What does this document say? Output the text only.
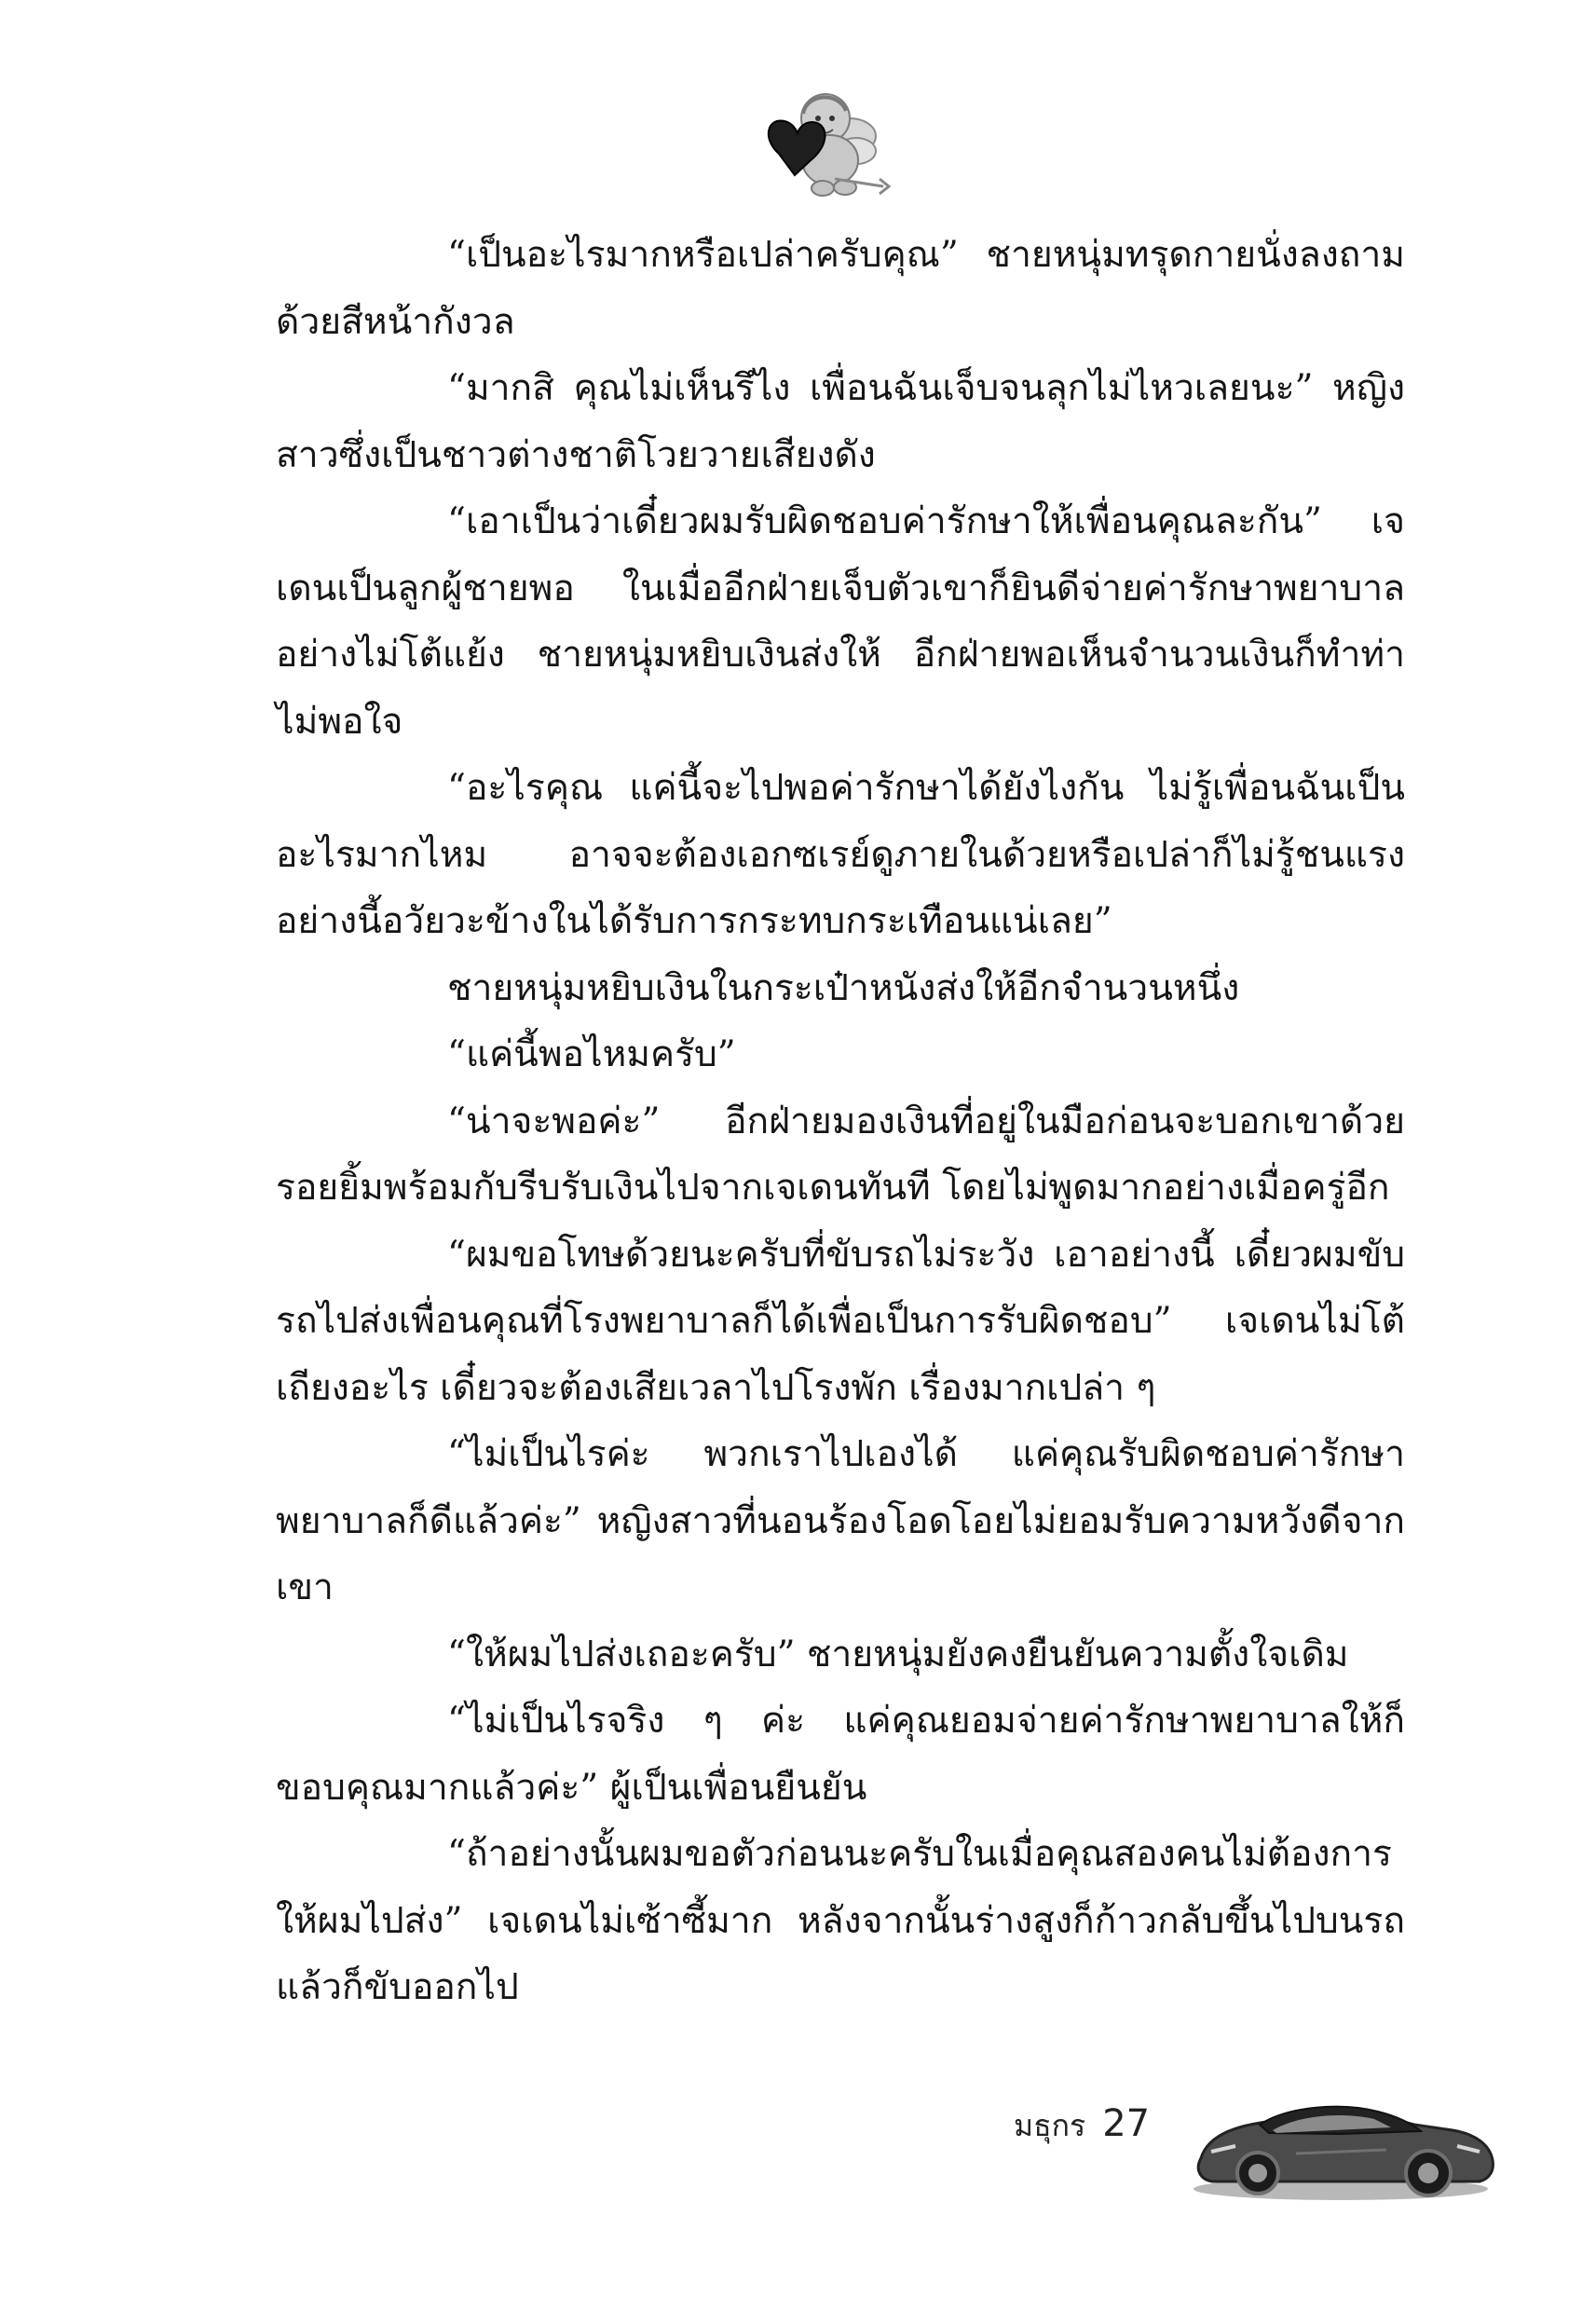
“เป็นอะไรมากหรือเปล่าครับคุณ” ชายหนุ่มทรุดกายนั่งลงถามด้วยสีหน้ากังวล

“มากสิ คุณไม่เห็นรึไง เพื่อนฉันเจ็บจนลุกไม่ไหวเลยนะ” หญิงสาวซึ่งเป็นชาวต่างชาติโวยวายเสียงดัง

“เอาเป็นว่าเดี๋ยวผมรับผิดชอบค่ารักษาให้เพื่อนคุณละกัน” เจเดนเป็นลูกผู้ชายพอ ในเมื่ออีกฝ่ายเจ็บตัวเขาก็ยินดีจ่ายค่ารักษาพยาบาลอย่างไม่โต้แย้ง ชายหนุ่มหยิบเงินส่งให้ อีกฝ่ายพอเห็นจำนวนเงินก็ทำท่าไม่พอใจ

“อะไรคุณ แค่นี้จะไปพอค่ารักษาได้ยังไงกัน ไม่รู้เพื่อนฉันเป็นอะไรมากไหม อาจจะต้องเอกซเรย์ดูภายในด้วยหรือเปล่าก็ไม่รู้ชนแรงอย่างนี้อวัยวะข้างในได้รับการกระทบกระเทือนแน่เลย”

ชายหนุ่มหยิบเงินในกระเป๋าหนังส่งให้อีกจำนวนหนึ่ง

“แค่นี้พอไหมครับ”

“น่าจะพอค่ะ” อีกฝ่ายมองเงินที่อยู่ในมือก่อนจะบอกเขาด้วยรอยยิ้มพร้อมกับรีบรับเงินไปจากเจเดนทันที โดยไม่พูดมากอย่างเมื่อครู่อีก

“ผมขอโทษด้วยนะครับที่ขับรถไม่ระวัง เอาอย่างนี้ เดี๋ยวผมขับรถไปส่งเพื่อนคุณที่โรงพยาบาลก็ได้เพื่อเป็นการรับผิดชอบ” เจเดนไม่โต้เถียงอะไร เดี๋ยวจะต้องเสียเวลาไปโรงพัก เรื่องมากเปล่า ๆ

“ไม่เป็นไรค่ะ พวกเราไปเองได้ แค่คุณรับผิดชอบค่ารักษาพยาบาลก็ดีแล้วค่ะ” หญิงสาวที่นอนร้องโอดโอยไม่ยอมรับความหวังดีจากเขา

“ให้ผมไปส่งเถอะครับ” ชายหนุ่มยังคงยืนยันความตั้งใจเดิม

“ไม่เป็นไรจริง ๆ ค่ะ แค่คุณยอมจ่ายค่ารักษาพยาบาลให้ก็ขอบคุณมากแล้วค่ะ” ผู้เป็นเพื่อนยืนยัน

“ถ้าอย่างนั้นผมขอตัวก่อนนะครับในเมื่อคุณสองคนไม่ต้องการให้ผมไปส่ง” เจเดนไม่เซ้าซี้มาก หลังจากนั้นร่างสูงก็ก้าวกลับขึ้นไปบนรถแล้วก็ขับออกไป

มธุกร 27
